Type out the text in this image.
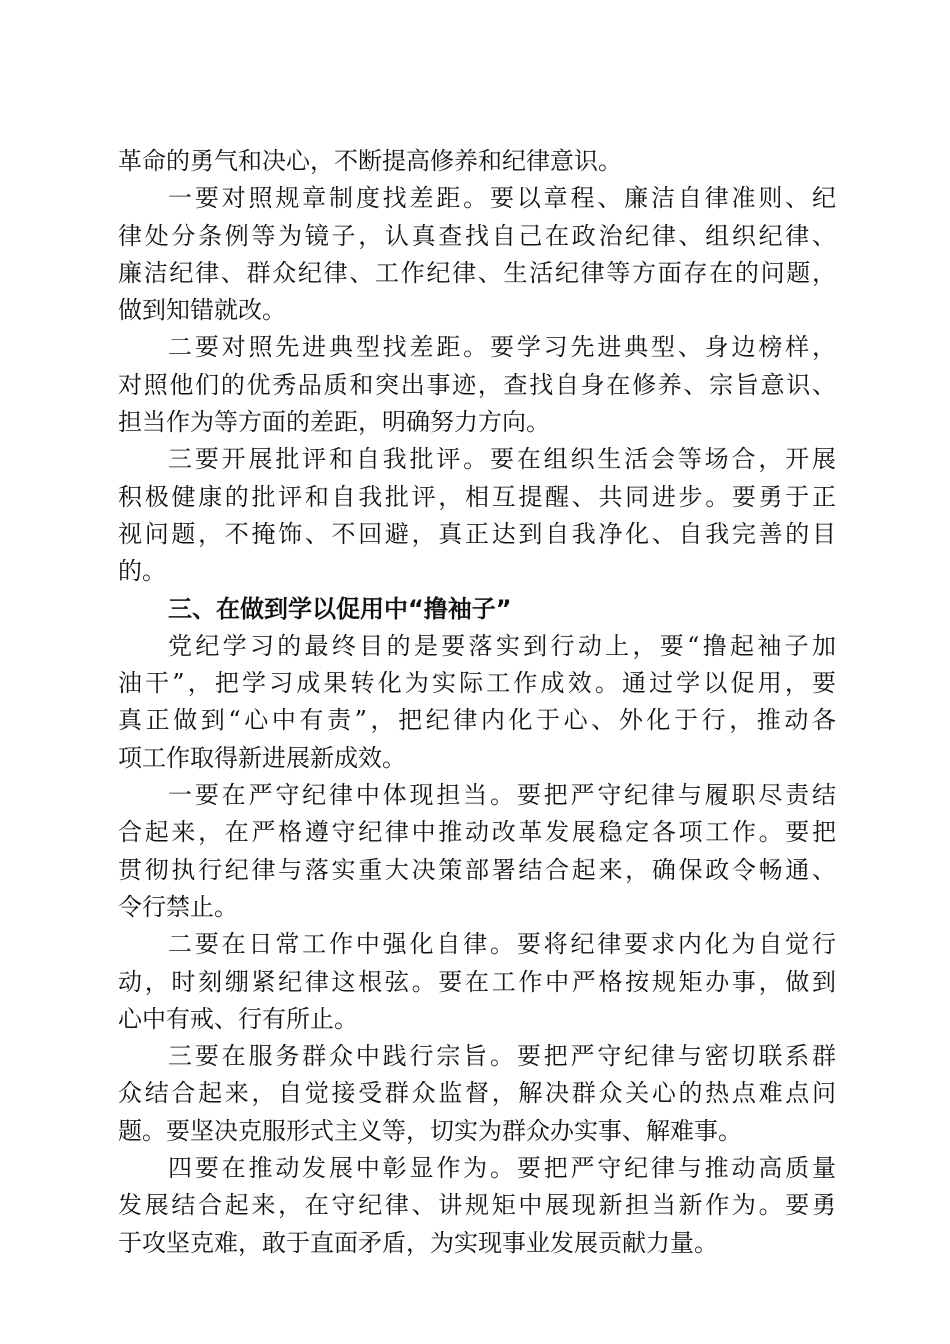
革命的勇气和决心，不断提高修养和纪律意识。
一要对照规章制度找差距。要以章程、廉洁自律准则、纪
律处分条例等为镜子，认真查找自己在政治纪律、组织纪律、
廉洁纪律、群众纪律、工作纪律、生活纪律等方面存在的问题，
做到知错就改。
二要对照先进典型找差距。要学习先进典型、身边榜样，
对照他们的优秀品质和突出事迹，查找自身在修养、宗旨意识、
担当作为等方面的差距，明确努力方向。
三要开展批评和自我批评。要在组织生活会等场合，开展
积极健康的批评和自我批评，相互提醒、共同进步。要勇于正
视问题，不掩饰、不回避，真正达到自我净化、自我完善的目
的。
三、在做到学以促用中“撸袖子”
党纪学习的最终目的是要落实到行动上，要“撸起袖子加
油干”，把学习成果转化为实际工作成效。通过学以促用，要
真正做到“心中有责”，把纪律内化于心、外化于行，推动各
项工作取得新进展新成效。
一要在严守纪律中体现担当。要把严守纪律与履职尽责结
合起来，在严格遵守纪律中推动改革发展稳定各项工作。要把
贯彻执行纪律与落实重大决策部署结合起来，确保政令畅通、
令行禁止。
二要在日常工作中强化自律。要将纪律要求内化为自觉行
动，时刻绷紧纪律这根弦。要在工作中严格按规矩办事，做到
心中有戒、行有所止。
三要在服务群众中践行宗旨。要把严守纪律与密切联系群
众结合起来，自觉接受群众监督，解决群众关心的热点难点问
题。要坚决克服形式主义等，切实为群众办实事、解难事。
四要在推动发展中彰显作为。要把严守纪律与推动高质量
发展结合起来，在守纪律、讲规矩中展现新担当新作为。要勇
于攻坚克难，敢于直面矛盾，为实现事业发展贡献力量。
